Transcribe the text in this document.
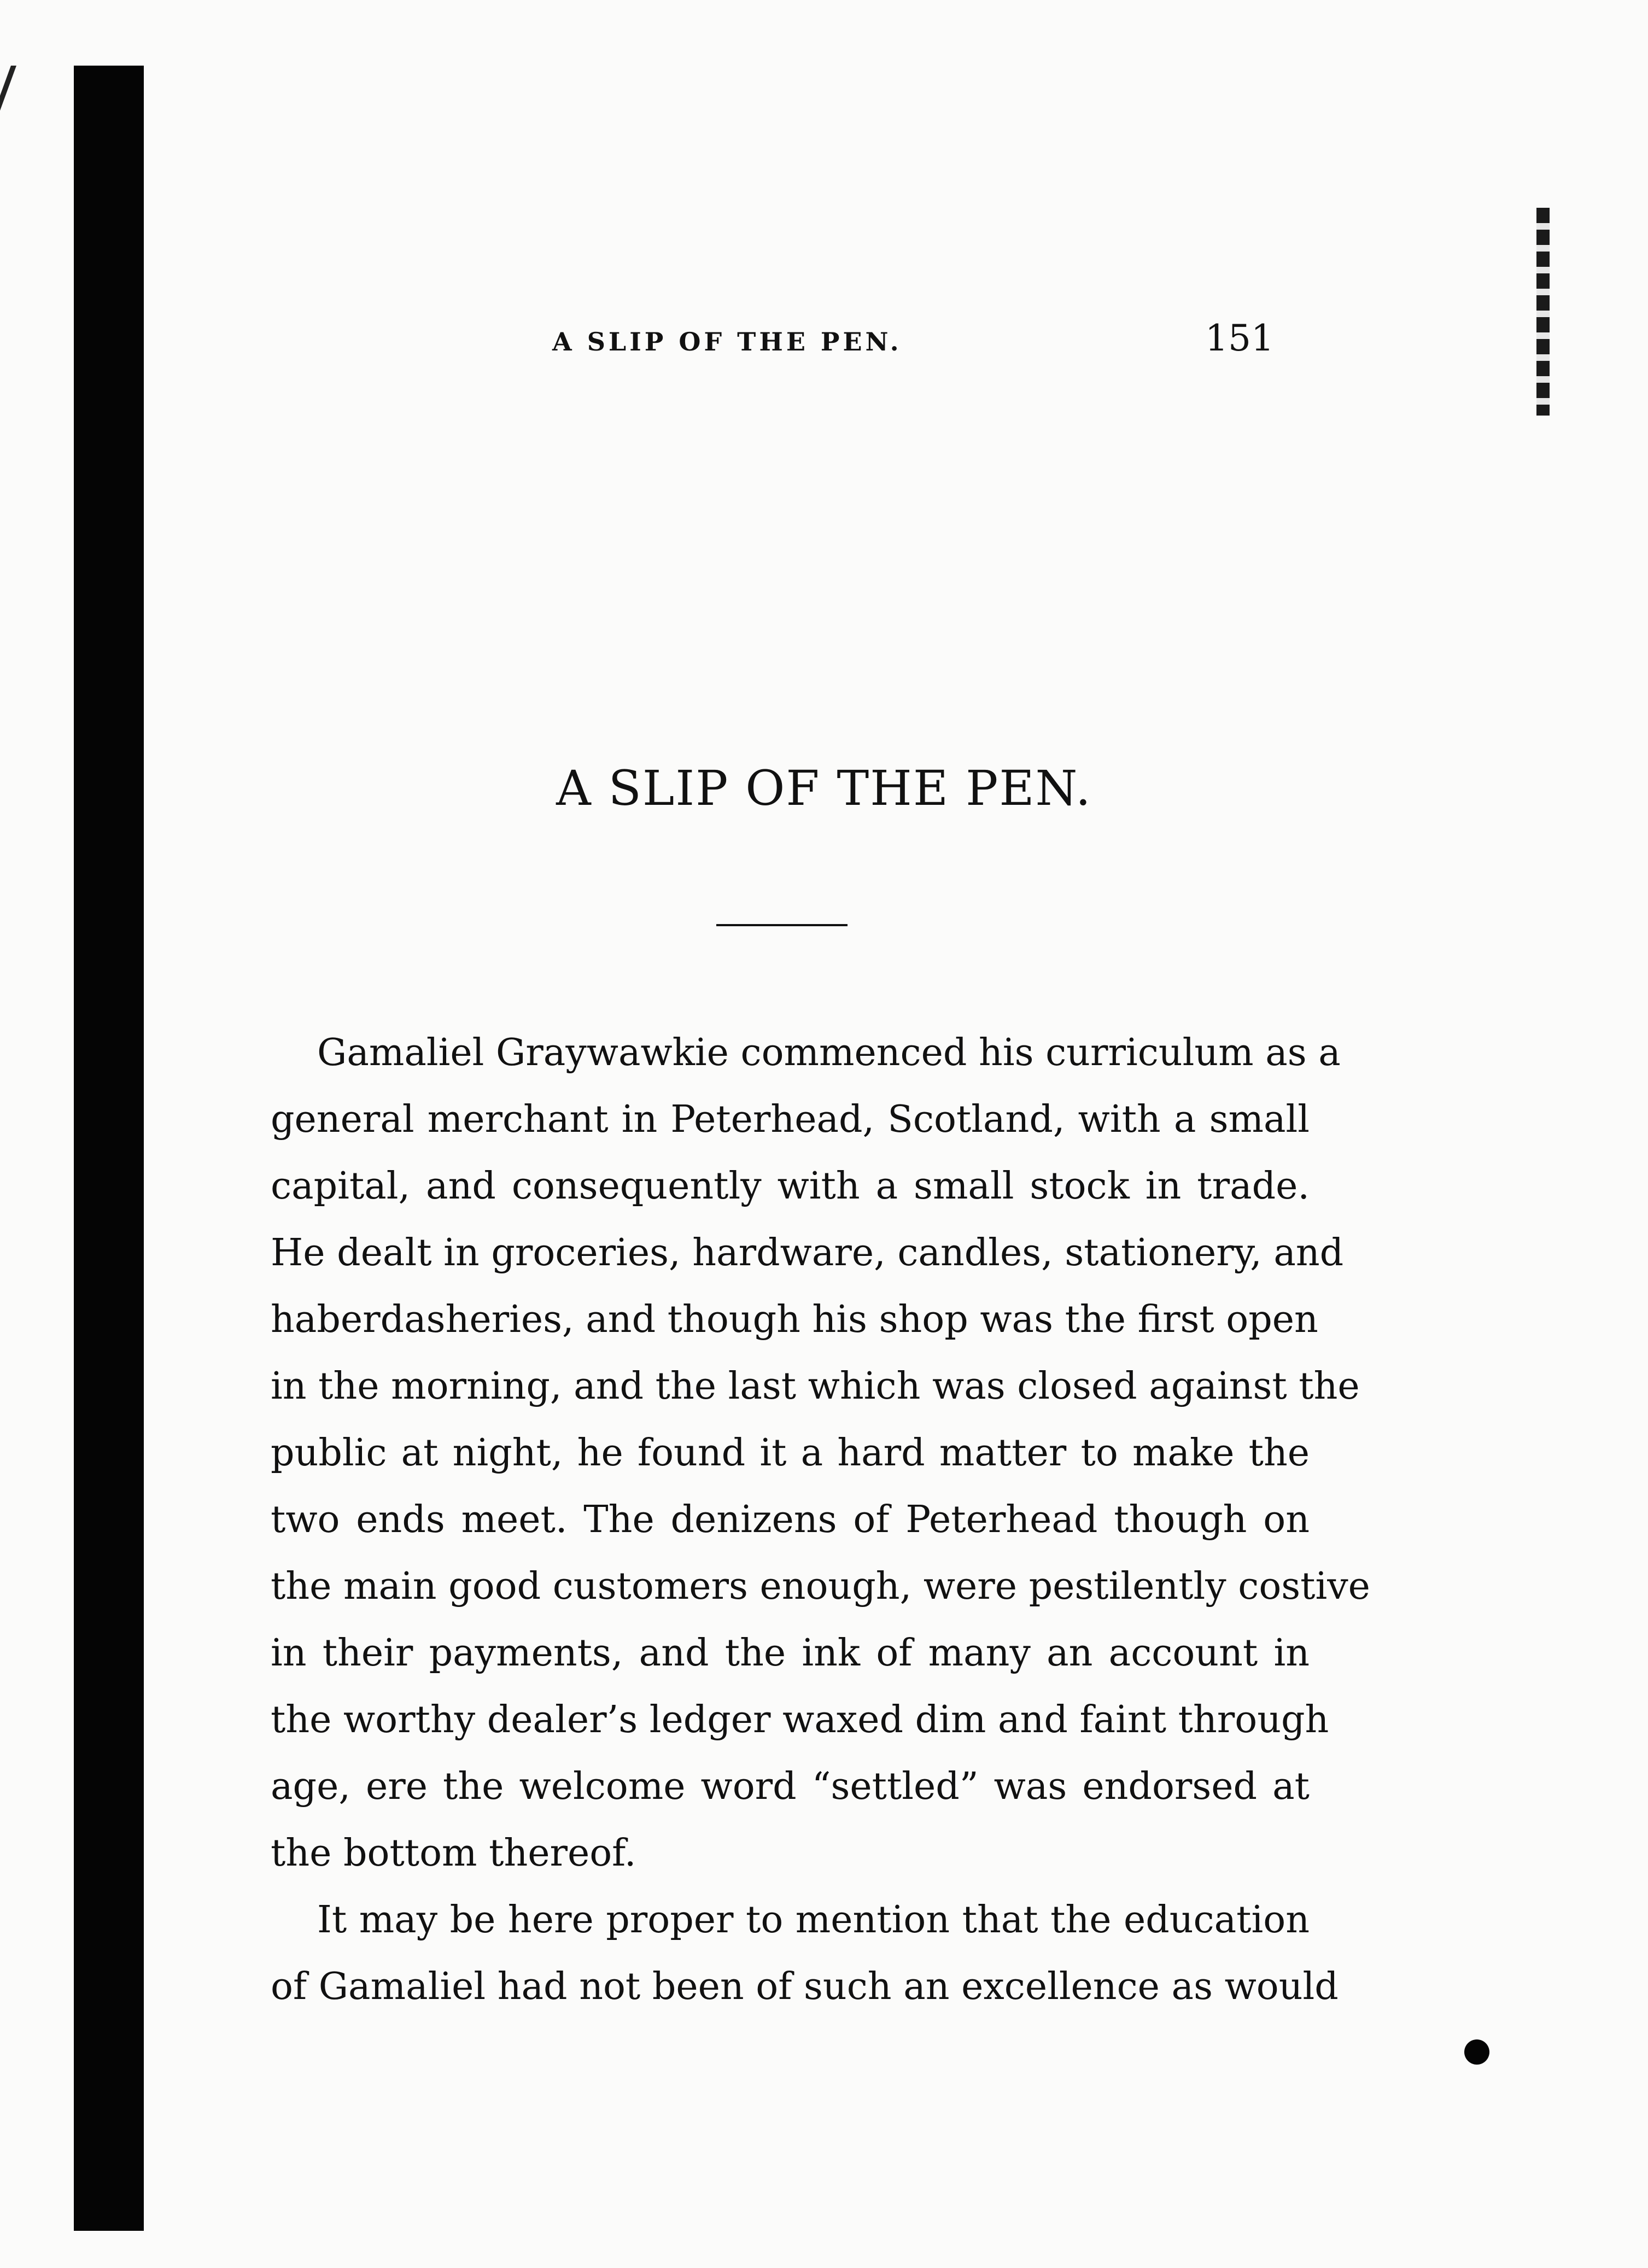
A SLIP OF THE PEN.	151
A SLIP OF THE PEN.
Gamaliel Graywawkie commenced his curriculum as a
general merchant in Peterhead, Scotland, with a small
capital, and consequently with a small stock in trade.
He dealt in groceries, hardware, candles, stationery, and
haberdasheries, and though his shop was the first open
in the morning, and the last which was closed against the
public at night, he found it a hard matter to make the
two ends meet. The denizens of Peterhead though on
the main good customers enough, were pestilently costive
in their payments, and the ink of many an account in
the worthy dealer’s ledger waxed dim and faint through
age, ere the welcome word “settled” was endorsed at
the bottom thereof.
It may be here proper to mention that the education
of Gamaliel had not been of such an excellence as would
